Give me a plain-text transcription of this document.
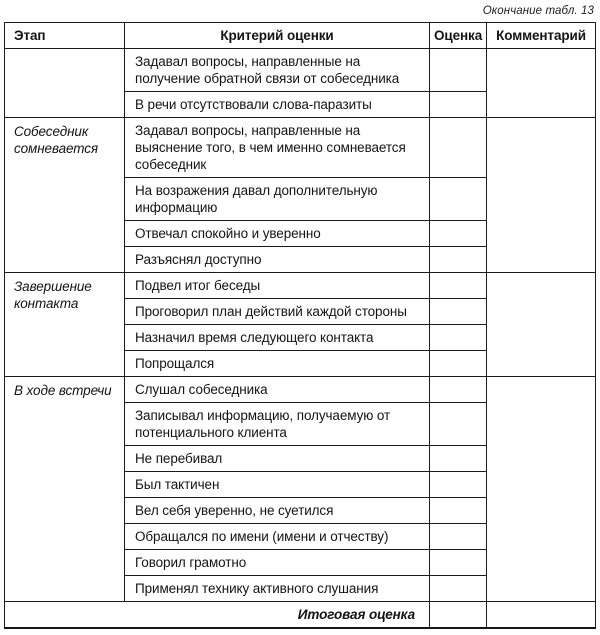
Окончание табл. 13
Этап	Критерий оценки	Оценка	Комментарий
	Задавал вопросы, направленные на получение обратной связи от собеседника		
	В речи отсутствовали слова-паразиты		
Собеседник сомневается	Задавал вопросы, направленные на выяснение того, в чем именно сомневается собеседник		
	На возражения давал дополнительную информацию		
	Отвечал спокойно и уверенно		
	Разъяснял доступно		
Завершение контакта	Подвел итог беседы		
	Проговорил план действий каждой стороны		
	Назначил время следующего контакта		
	Попрощался		
В ходе встречи	Слушал собеседника		
	Записывал информацию, получаемую от потенциального клиента		
	Не перебивал		
	Был тактичен		
	Вел себя уверенно, не суетился		
	Обращался по имени (имени и отчеству)		
	Говорил грамотно		
	Применял технику активного слушания		
Итоговая оценка			
